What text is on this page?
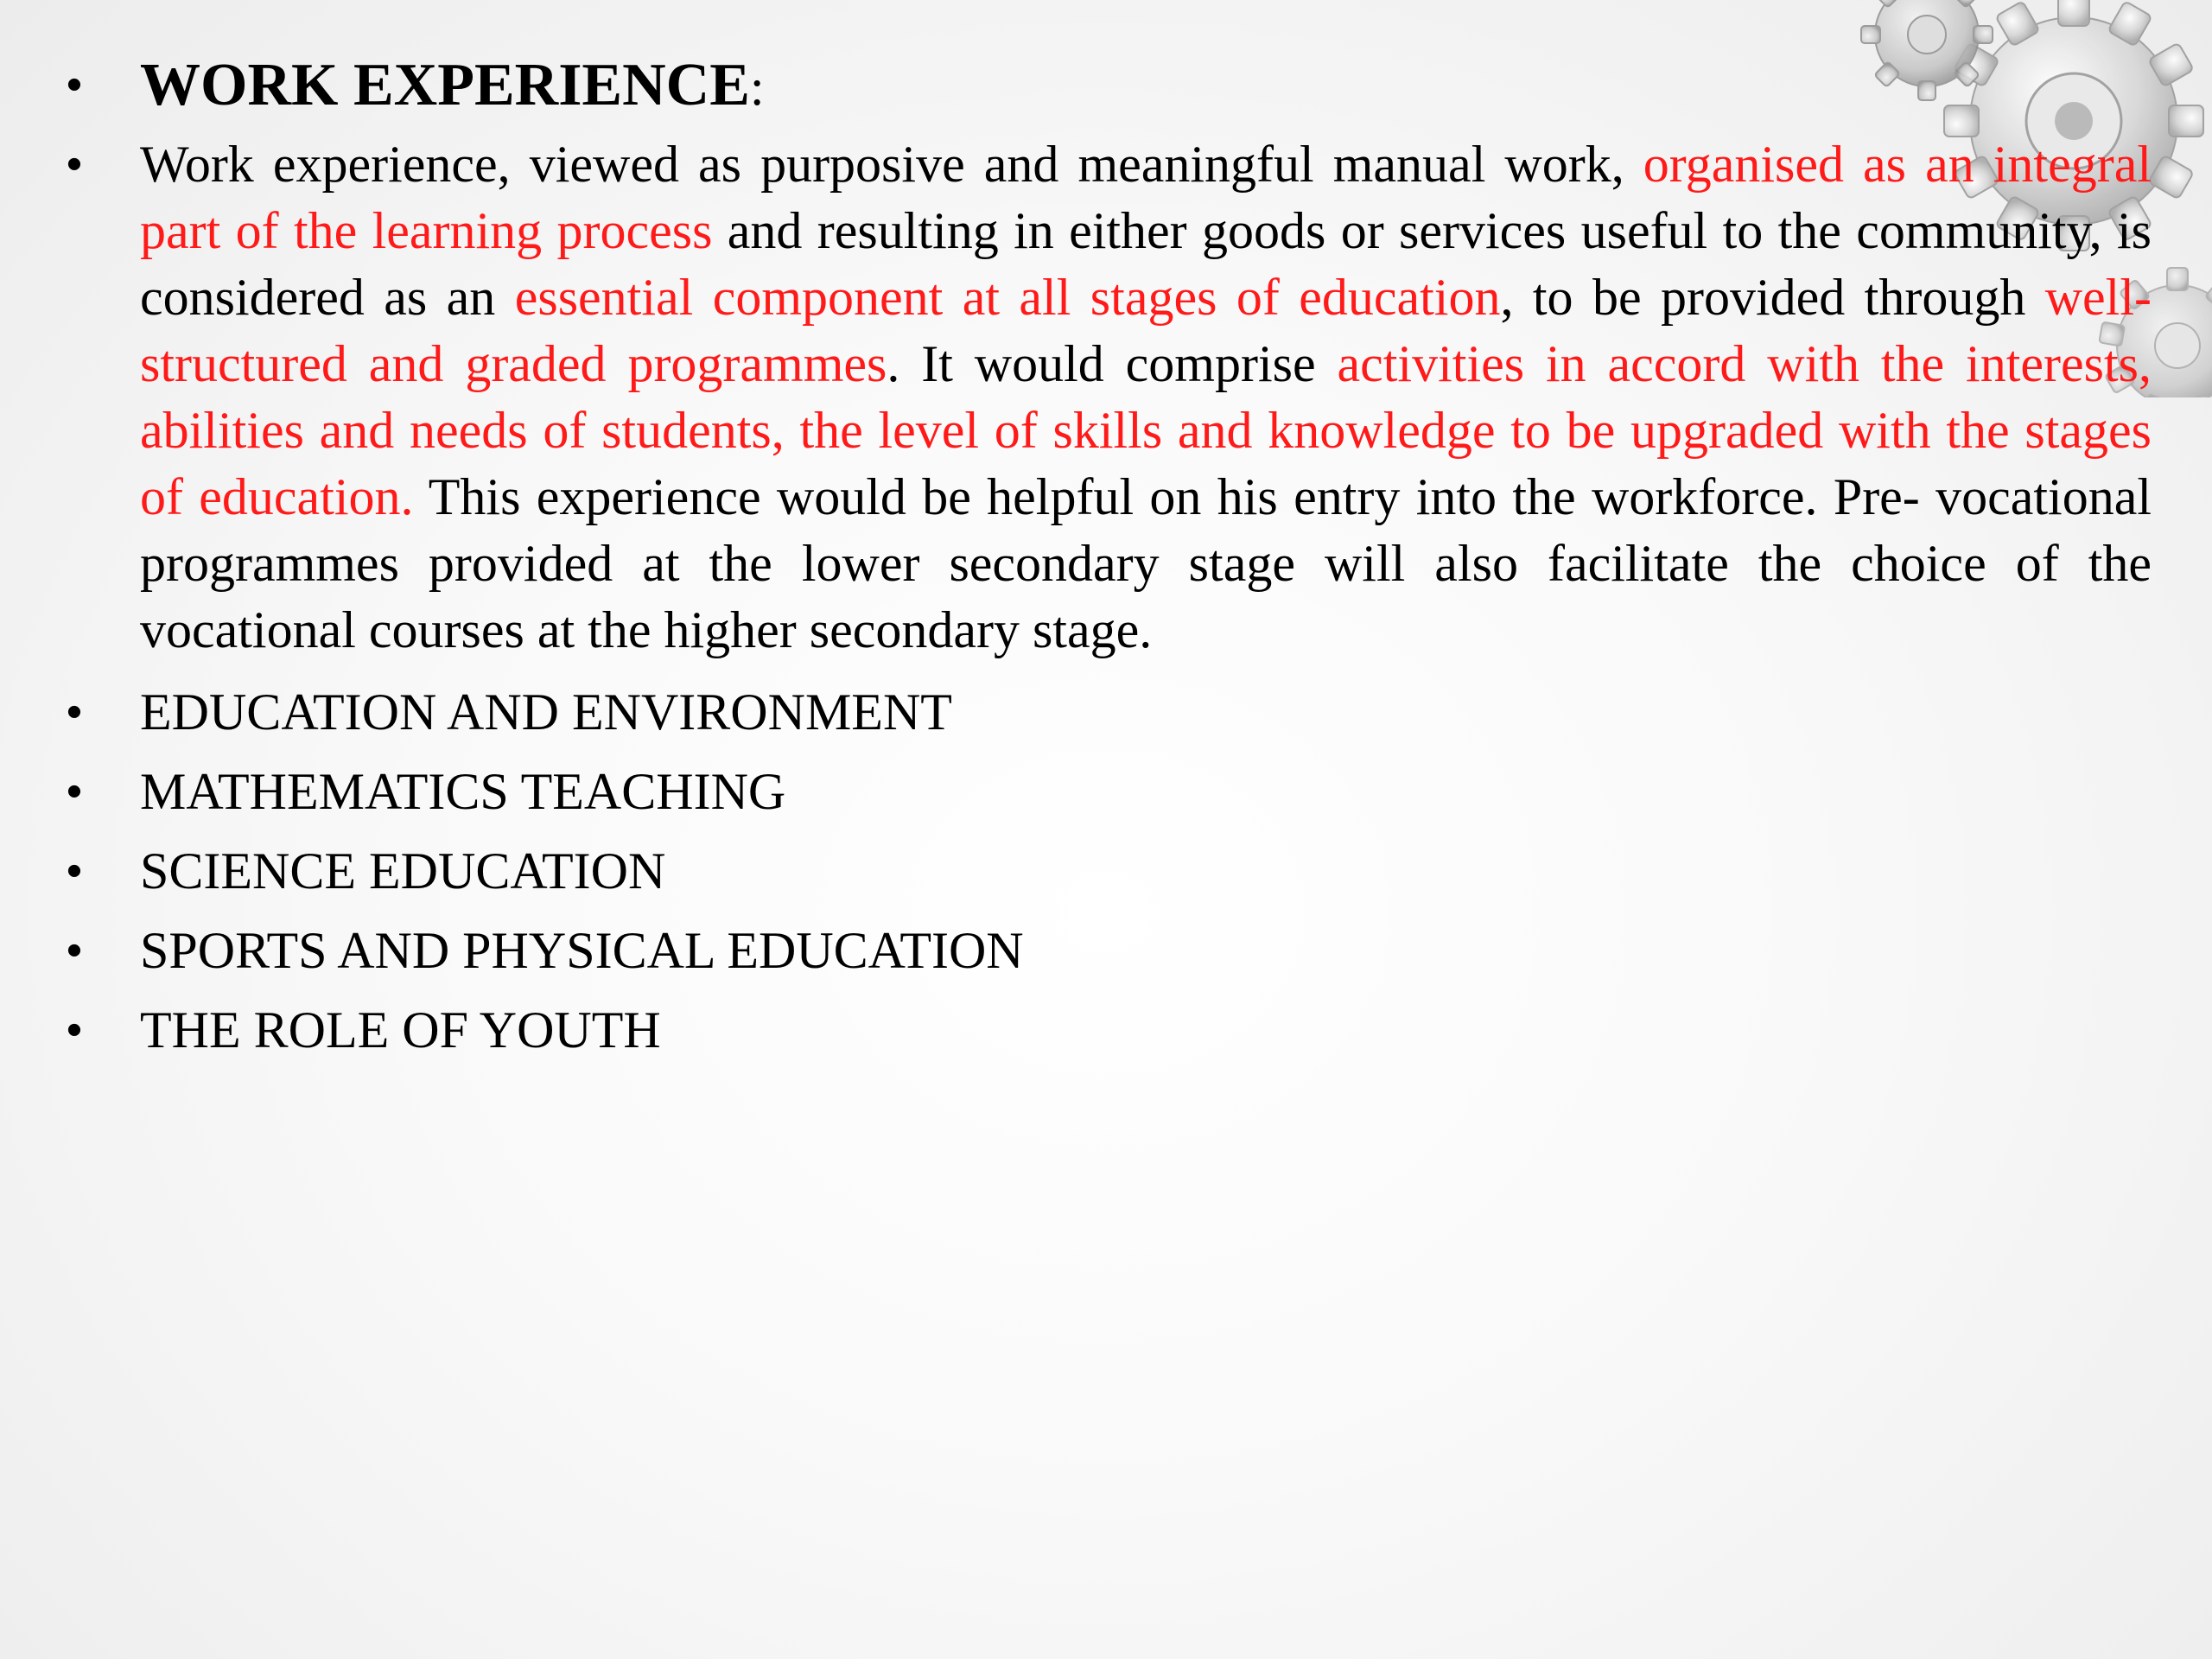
• WORK EXPERIENCE:
• Work experience, viewed as purposive and meaningful manual work, organised as an integral part of the learning process and resulting in either goods or services useful to the community, is considered as an essential component at all stages of education, to be provided through well-structured and graded programmes. It would comprise activities in accord with the interests, abilities and needs of students, the level of skills and knowledge to be upgraded with the stages of education. This experience would be helpful on his entry into the workforce. Pre- vocational programmes provided at the lower secondary stage will also facilitate the choice of the vocational courses at the higher secondary stage.
• EDUCATION AND ENVIRONMENT
• MATHEMATICS TEACHING
• SCIENCE EDUCATION
• SPORTS AND PHYSICAL EDUCATION
• THE ROLE OF YOUTH
